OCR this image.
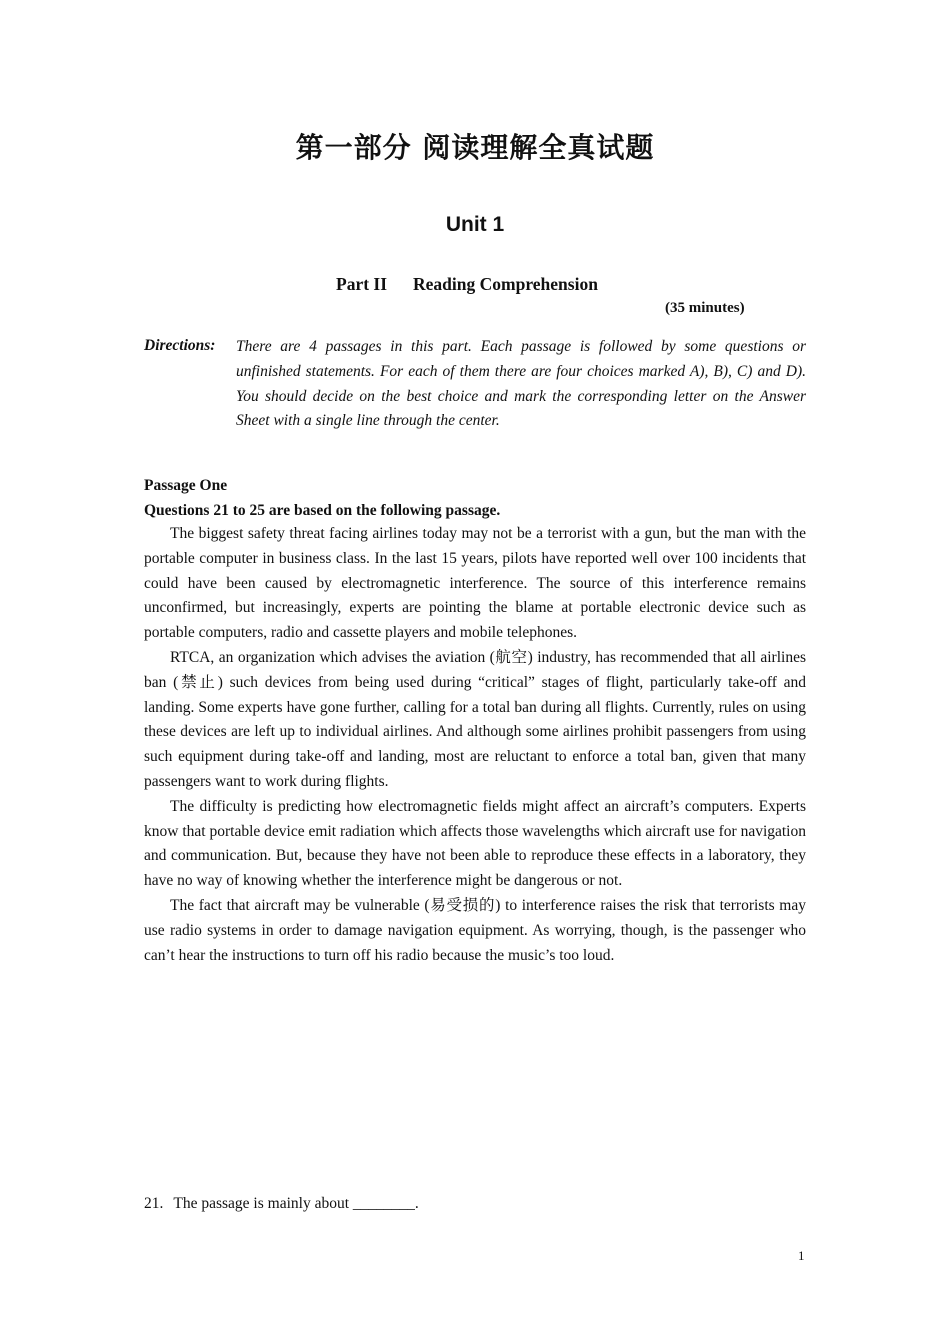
第一部分 阅读理解全真试题
Unit 1
Part II Reading Comprehension
(35 minutes)
Directions: There are 4 passages in this part. Each passage is followed by some questions or unfinished statements. For each of them there are four choices marked A), B), C) and D). You should decide on the best choice and mark the corresponding letter on the Answer Sheet with a single line through the center.
Passage One
Questions 21 to 25 are based on the following passage.

The biggest safety threat facing airlines today may not be a terrorist with a gun, but the man with the portable computer in business class. In the last 15 years, pilots have reported well over 100 incidents that could have been caused by electromagnetic interference. The source of this interference remains unconfirmed, but increasingly, experts are pointing the blame at portable electronic device such as portable computers, radio and cassette players and mobile telephones.

RTCA, an organization which advises the aviation (航空) industry, has recommended that all airlines ban (禁止) such devices from being used during “critical” stages of flight, particularly take-off and landing. Some experts have gone further, calling for a total ban during all flights. Currently, rules on using these devices are left up to individual airlines. And although some airlines prohibit passengers from using such equipment during take-off and landing, most are reluctant to enforce a total ban, given that many passengers want to work during flights.

The difficulty is predicting how electromagnetic fields might affect an aircraft’s computers. Experts know that portable device emit radiation which affects those wavelengths which aircraft use for navigation and communication. But, because they have not been able to reproduce these effects in a laboratory, they have no way of knowing whether the interference might be dangerous or not.

The fact that aircraft may be vulnerable (易受损的) to interference raises the risk that terrorists may use radio systems in order to damage navigation equipment. As worrying, though, is the passenger who can’t hear the instructions to turn off his radio because the music’s too loud.

21. The passage is mainly about ________.
1
